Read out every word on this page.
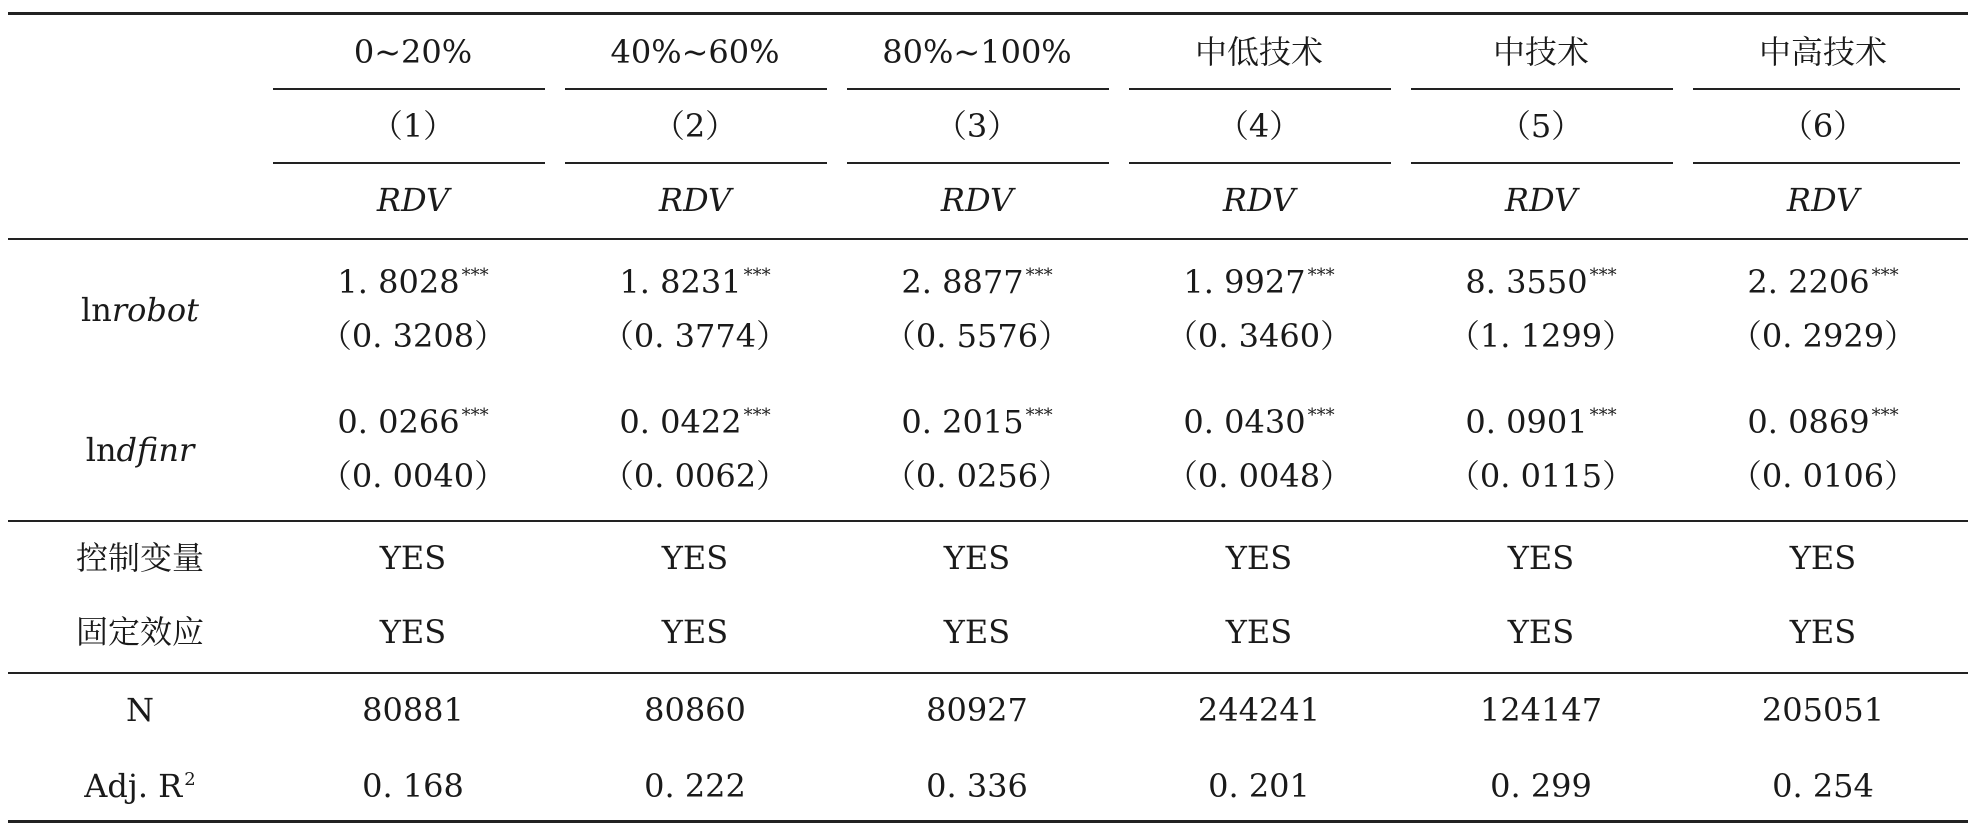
0~20%
（1）
RDV
1. 8028 ***
（0. 3208）
0. 0266 ***
（0. 0040）
YES
YES
80881
0. 168
40%~60%
（2）
RDV
1. 8231 ***
（0. 3774）
0. 0422 ***
（0. 0062）
YES
YES
80860
0. 222
80%~100%
（3）
RDV
2. 8877 ***
（0. 5576）
0. 2015 ***
（0. 0256）
YES
YES
80927
0. 336
中低技术
（4）
RDV
1. 9927 ***
（0. 3460）
0. 0430 ***
（0. 0048）
YES
YES
244241
0. 201
中技术
（5）
RDV
8. 3550 ***
（1. 1299）
0. 0901 ***
（0. 0115）
YES
YES
124147
0. 299
中高技术
（6）
RDV
2. 2206 ***
（0. 2929）
0. 0869 ***
（0. 0106）
YES
YES
205051
0. 254
lnrobot
lndfinr
控制变量
固定效应
N
Adj. R $^2$
